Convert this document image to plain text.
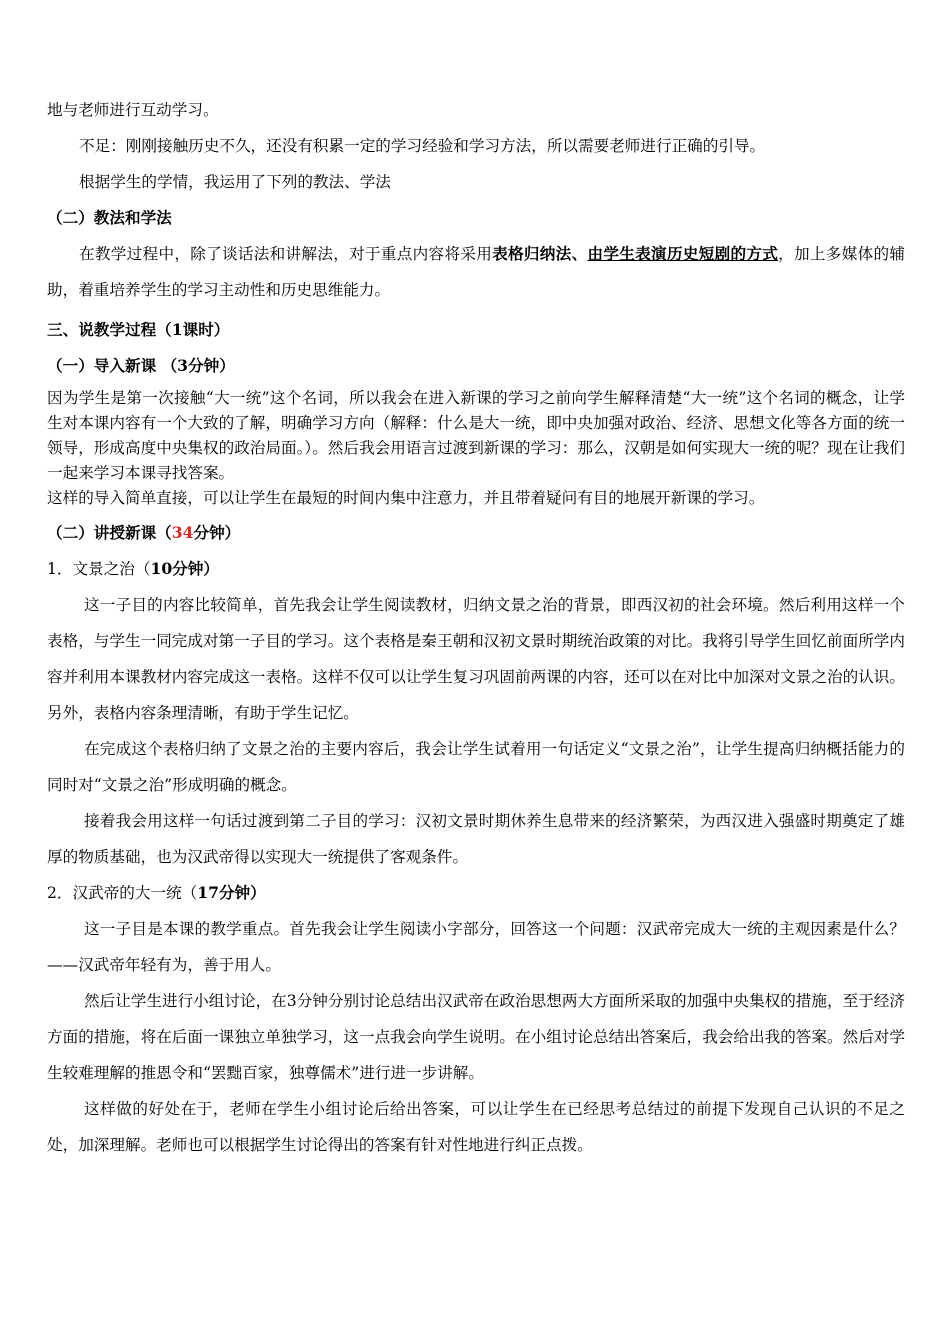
地与老师进行互动学习。

不足：刚刚接触历史不久，还没有积累一定的学习经验和学习方法，所以需要老师进行正确的引导。

根据学生的学情，我运用了下列的教法、学法

（二）教法和学法

在教学过程中，除了谈话法和讲解法，对于重点内容将采用表格归纳法、由学生表演历史短剧的方式，加上多媒体的辅助，着重培养学生的学习主动性和历史思维能力。

三、说教学过程（1课时）

（一）导入新课 （3分钟）

因为学生是第一次接触“大一统”这个名词，所以我会在进入新课的学习之前向学生解释清楚“大一统”这个名词的概念，让学生对本课内容有一个大致的了解，明确学习方向（解释：什么是大一统，即中央加强对政治、经济、思想文化等各方面的统一领导，形成高度中央集权的政治局面。）。然后我会用语言过渡到新课的学习：那么，汉朝是如何实现大一统的呢？现在让我们一起来学习本课寻找答案。

这样的导入简单直接，可以让学生在最短的时间内集中注意力，并且带着疑问有目的地展开新课的学习。

（二）讲授新课（34分钟）

1．文景之治（10分钟）

这一子目的内容比较简单，首先我会让学生阅读教材，归纳文景之治的背景，即西汉初的社会环境。然后利用这样一个表格，与学生一同完成对第一子目的学习。这个表格是秦王朝和汉初文景时期统治政策的对比。我将引导学生回忆前面所学内容并利用本课教材内容完成这一表格。这样不仅可以让学生复习巩固前两课的内容，还可以在对比中加深对文景之治的认识。另外，表格内容条理清晰，有助于学生记忆。

在完成这个表格归纳了文景之治的主要内容后，我会让学生试着用一句话定义“文景之治”，让学生提高归纳概括能力的同时对“文景之治”形成明确的概念。

接着我会用这样一句话过渡到第二子目的学习：汉初文景时期休养生息带来的经济繁荣，为西汉进入强盛时期奠定了雄厚的物质基础，也为汉武帝得以实现大一统提供了客观条件。

2．汉武帝的大一统（17分钟）

这一子目是本课的教学重点。首先我会让学生阅读小字部分，回答这一个问题：汉武帝完成大一统的主观因素是什么？——汉武帝年轻有为，善于用人。

然后让学生进行小组讨论，在3分钟分别讨论总结出汉武帝在政治思想两大方面所采取的加强中央集权的措施，至于经济方面的措施，将在后面一课独立单独学习，这一点我会向学生说明。在小组讨论总结出答案后，我会给出我的答案。然后对学生较难理解的推恩令和“罢黜百家，独尊儒术”进行进一步讲解。

这样做的好处在于，老师在学生小组讨论后给出答案，可以让学生在已经思考总结过的前提下发现自己认识的不足之处，加深理解。老师也可以根据学生讨论得出的答案有针对性地进行纠正点拨。
